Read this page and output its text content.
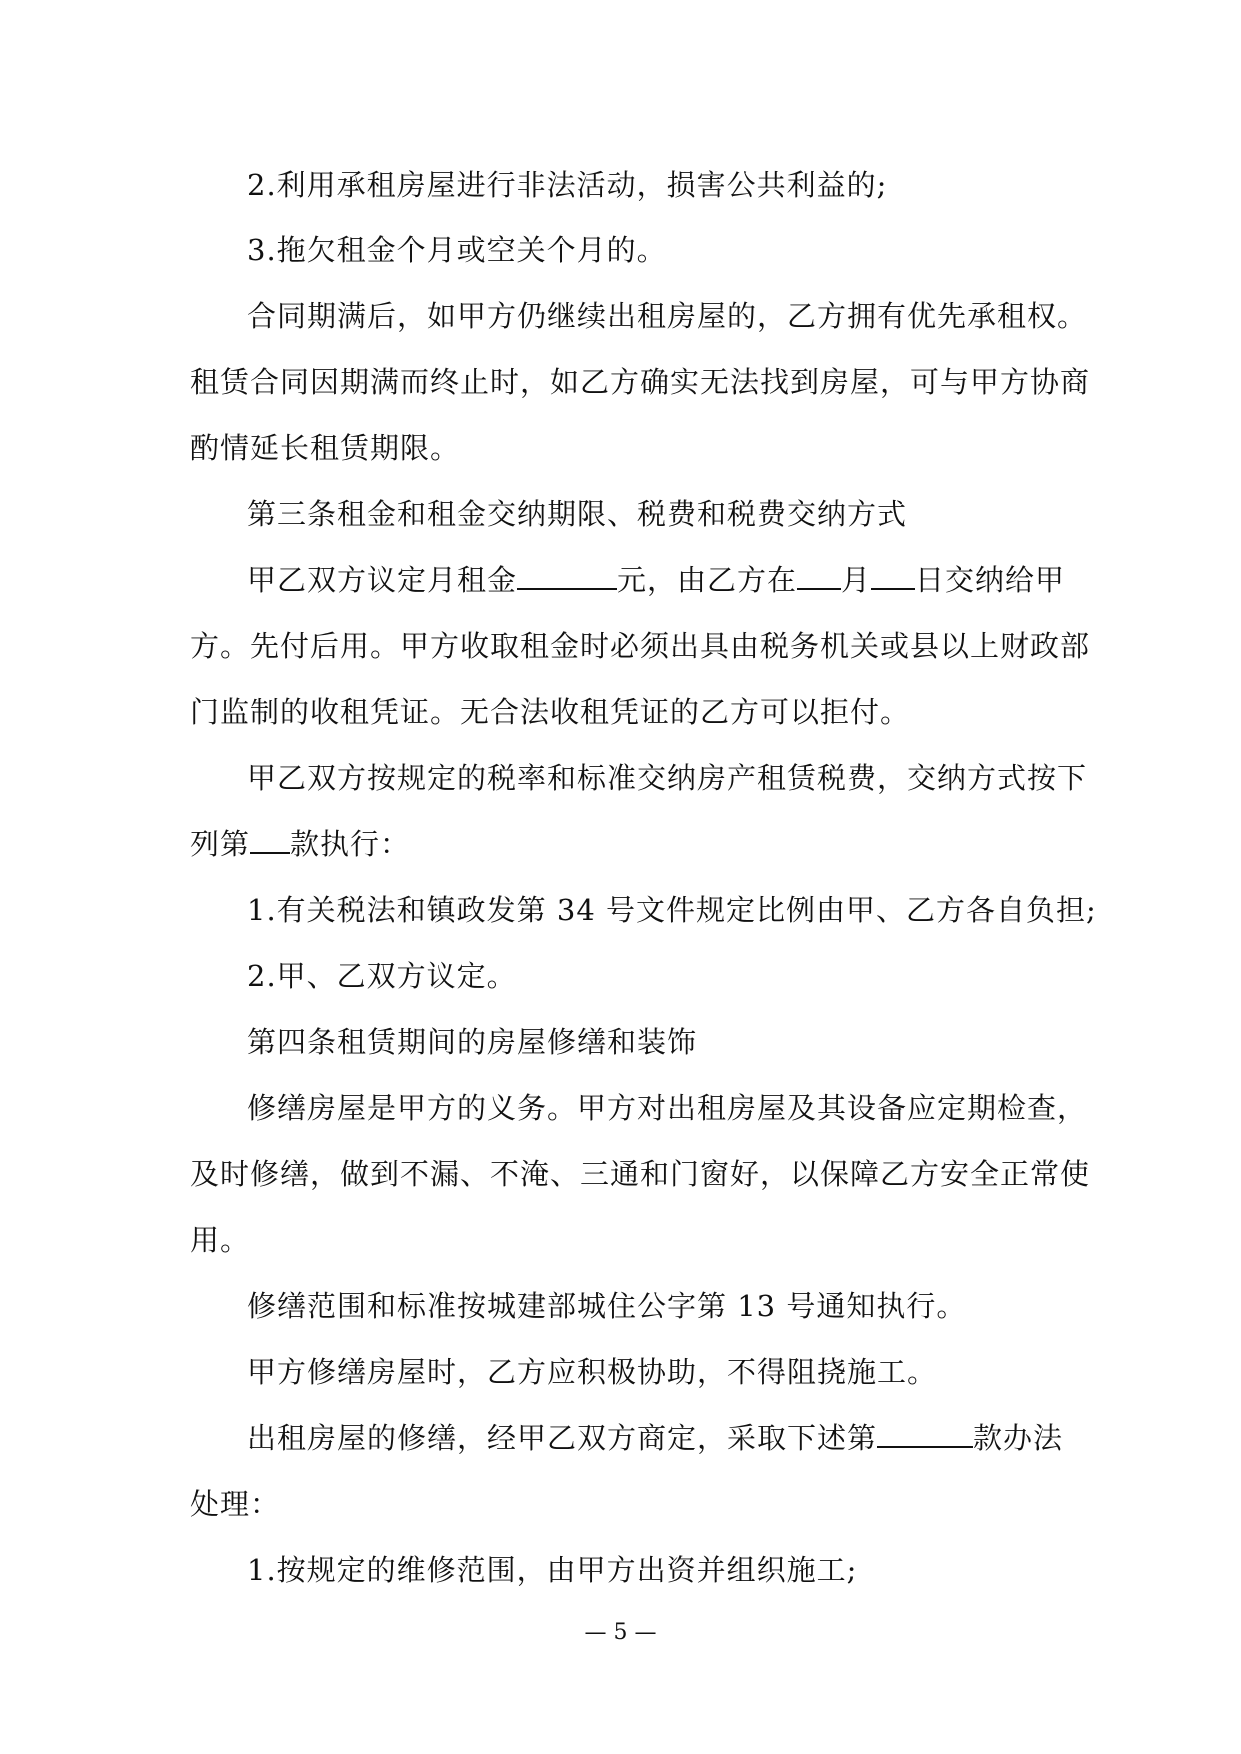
2.利用承租房屋进行非法活动，损害公共利益的;
3.拖欠租金个月或空关个月的。
合同期满后，如甲方仍继续出租房屋的，乙方拥有优先承租权。
租赁合同因期满而终止时，如乙方确实无法找到房屋，可与甲方协商
酌情延长租赁期限。
第三条租金和租金交纳期限、税费和税费交纳方式
甲乙双方议定月租金	元，由乙方在 月 日交纳给甲
方。先付后用。甲方收取租金时必须出具由税务机关或县以上财政部
门监制的收租凭证。无合法收租凭证的乙方可以拒付。
甲乙双方按规定的税率和标准交纳房产租赁税费，交纳方式按下
列第 款执行：
1.有关税法和镇政发第 34 号文件规定比例由甲、乙方各自负担;
2.甲、乙双方议定。
第四条租赁期间的房屋修缮和装饰
修缮房屋是甲方的义务。甲方对出租房屋及其设备应定期检查，
及时修缮，做到不漏、不淹、三通和门窗好，以保障乙方安全正常使
用。
修缮范围和标准按城建部城住公字第 13 号通知执行。
甲方修缮房屋时，乙方应积极协助，不得阻挠施工。
出租房屋的修缮，经甲乙双方商定，采取下述第	款办法
处理：
1.按规定的维修范围，由甲方出资并组织施工;
— 5 —
